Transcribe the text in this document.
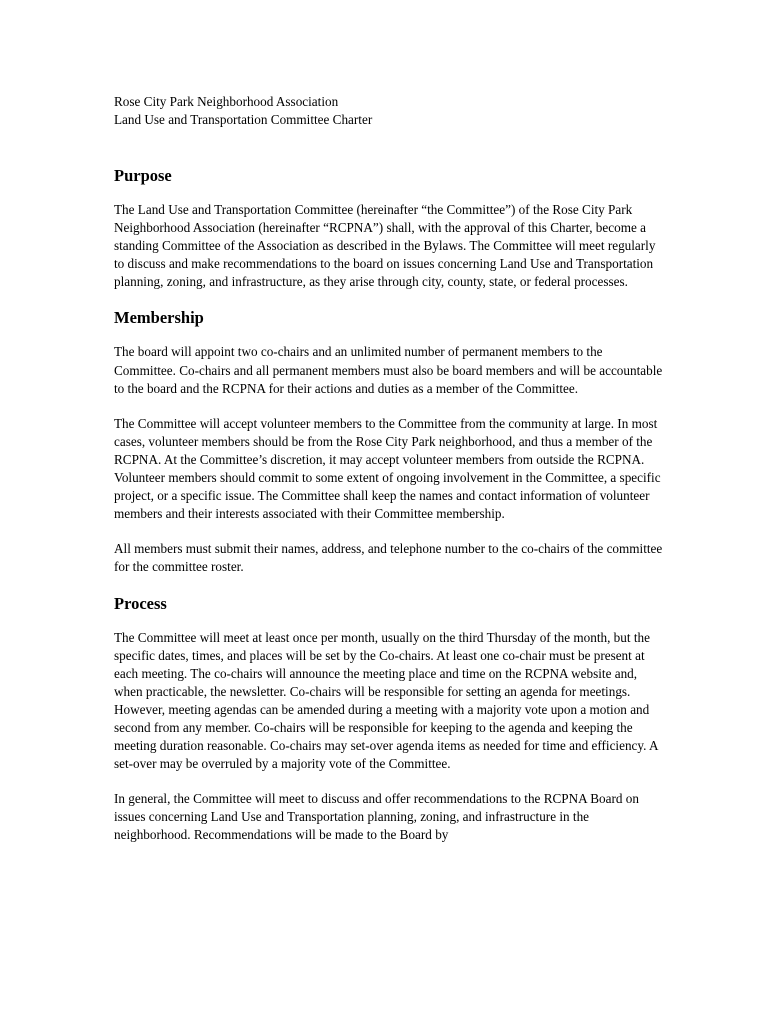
Rose City Park Neighborhood Association

Land Use and Transportation Committee Charter

Purpose

The Land Use and Transportation Committee (hereinafter “the Committee”) of the Rose City Park Neighborhood Association (hereinafter “RCPNA”) shall, with the approval of this Charter, become a standing Committee of the Association as described in the Bylaws. The Committee will meet regularly to discuss and make recommendations to the board on issues concerning Land Use and Transportation planning, zoning, and infrastructure, as they arise through city, county, state, or federal processes.

Membership

The board will appoint two co-chairs and an unlimited number of permanent members to the Committee. Co-chairs and all permanent members must also be board members and will be accountable to the board and the RCPNA for their actions and duties as a member of the Committee.

The Committee will accept volunteer members to the Committee from the community at large. In most cases, volunteer members should be from the Rose City Park neighborhood, and thus a member of the RCPNA. At the Committee’s discretion, it may accept volunteer members from outside the RCPNA. Volunteer members should commit to some extent of ongoing involvement in the Committee, a specific project, or a specific issue. The Committee shall keep the names and contact information of volunteer members and their interests associated with their Committee membership.

All members must submit their names, address, and telephone number to the co-chairs of the committee for the committee roster.

Process

The Committee will meet at least once per month, usually on the third Thursday of the month, but the specific dates, times, and places will be set by the Co-chairs. At least one co-chair must be present at each meeting. The co-chairs will announce the meeting place and time on the RCPNA website and, when practicable, the newsletter. Co-chairs will be responsible for setting an agenda for meetings. However, meeting agendas can be amended during a meeting with a majority vote upon a motion and second from any member. Co-chairs will be responsible for keeping to the agenda and keeping the meeting duration reasonable. Co-chairs may set-over agenda items as needed for time and efficiency. A set-over may be overruled by a majority vote of the Committee.

In general, the Committee will meet to discuss and offer recommendations to the RCPNA Board on issues concerning Land Use and Transportation planning, zoning, and infrastructure in the neighborhood. Recommendations will be made to the Board by
